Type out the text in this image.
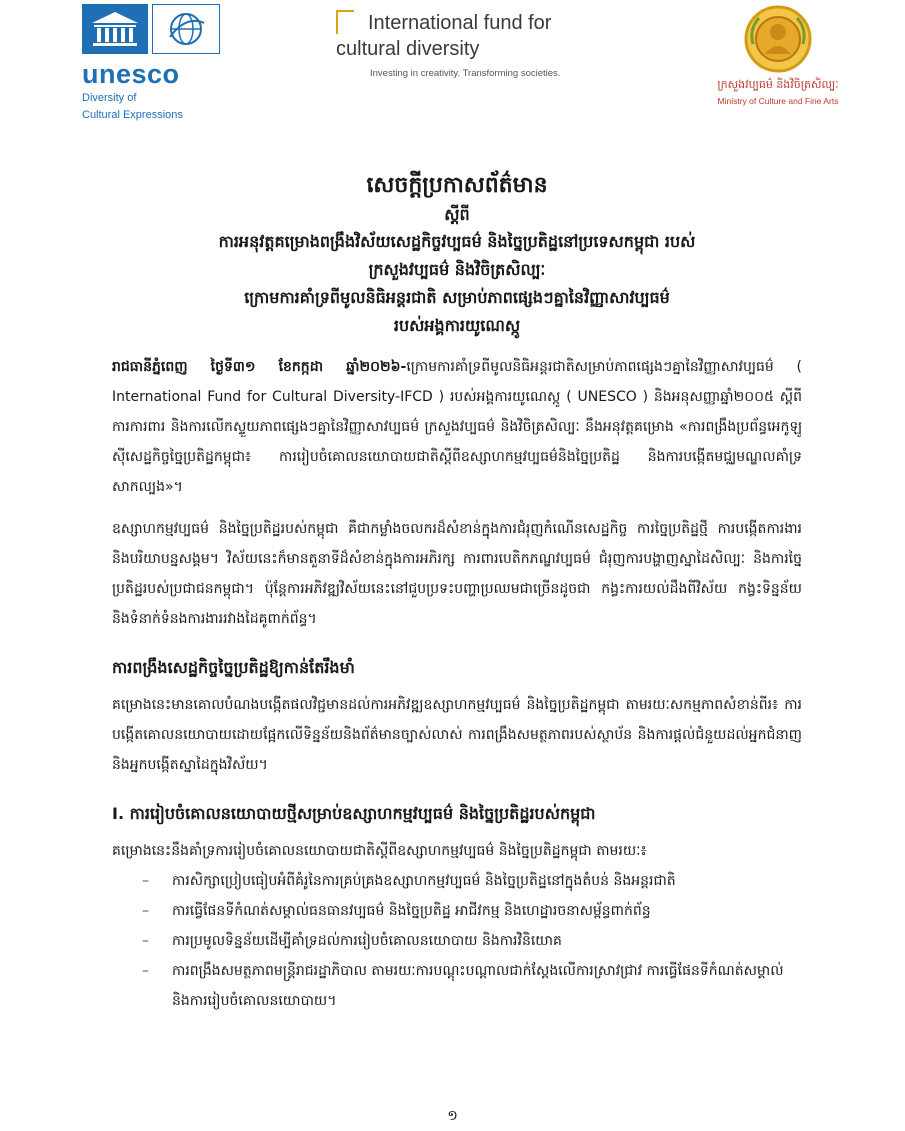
unesco
Diversity of
Cultural Expressions
International fund for
cultural diversity
Investing in creativity. Transforming societies.
ក្រសួងវប្បធម៌ និងវិចិត្រសិល្បៈ
Ministry of Culture and Fine Arts
សេចក្តីប្រកាសព័ត៌មាន
ស្តីពី
ការអនុវត្តគម្រោងពង្រឹងវិស័យសេដ្ឋកិច្ចវប្បធម៌ និងច្នៃប្រតិដ្ឋនៅប្រទេសកម្ពុជា របស់
ក្រសួងវប្បធម៌ និងវិចិត្រសិល្បៈ
ក្រោមការគាំទ្រពីមូលនិធិអន្តរជាតិ សម្រាប់ភាពផ្សេងៗគ្នានៃវិញ្ញាសាវប្បធម៌
របស់អង្គការយូណេស្កូ

រាជធានីភ្នំពេញ ថ្ងៃទី៣១ ខែកក្កដា ឆ្នាំ២០២៦-ក្រោមការគាំទ្រពីមូលនិធិអន្តរជាតិសម្រាប់ភាពផ្សេងៗគ្នានៃវិញ្ញាសាវប្បធម៌ ( International Fund for Cultural Diversity-IFCD ) របស់អង្គការយូណេស្កូ ( UNESCO ) និងអនុសញ្ញាឆ្នាំ២០០៥ ស្តីពីការការពារ និងការលើកស្ទួយភាពផ្សេងៗគ្នានៃវិញ្ញាសាវប្បធម៌ ក្រសួងវប្បធម៌ និងវិចិត្រសិល្បៈ នឹងអនុវត្តគម្រោង «ការពង្រឹងប្រព័ន្ធអេកូឡូស៊ីសេដ្ឋកិច្ចច្នៃប្រតិដ្ឋកម្ពុជា៖ ការរៀបចំគោលនយោបាយជាតិស្តីពីឧស្សាហកម្មវប្បធម៌និងច្នៃប្រតិដ្ឋ និងការបង្កើតមជ្ឈមណ្ឌលគាំទ្រសាកល្បង»។

ឧស្សាហកម្មវប្បធម៌ និងច្នៃប្រតិដ្ឋរបស់កម្ពុជា គឺជាកម្លាំងចលករដ៏សំខាន់ក្នុងការជំរុញកំណើនសេដ្ឋកិច្ច ការច្នៃប្រតិដ្ឋថ្មី ការបង្កើតការងារ និងបរិយាបន្នសង្គម។ វិស័យនេះក៏មានតួនាទីដ៏សំខាន់ក្នុងការអភិរក្ស ការពារបេតិកភណ្ឌវប្បធម៌ ជំរុញការបង្ហាញស្នាដៃសិល្បៈ និងការច្នៃប្រតិដ្ឋរបស់ប្រជាជនកម្ពុជា។ ប៉ុន្តែការអភិវឌ្ឍវិស័យនេះនៅជួបប្រទះបញ្ហាប្រឈមជាច្រើនដូចជា កង្វះការយល់ដឹងពីវិស័យ កង្វះទិន្នន័យ និងទំនាក់ទំនងការងាររវាងដៃគូពាក់ព័ន្ធ។

ការពង្រឹងសេដ្ឋកិច្ចច្នៃប្រតិដ្ឋឱ្យកាន់តែរឹងមាំ

គម្រោងនេះមានគោលបំណងបង្កើតផលវិជ្ជមានដល់ការអភិវឌ្ឍឧស្សាហកម្មវប្បធម៌ និងច្នៃប្រតិដ្ឋកម្ពុជា តាមរយៈសកម្មភាពសំខាន់ពីរ៖ ការបង្កើតគោលនយោបាយដោយផ្អែកលើទិន្នន័យនិងព័ត៌មានច្បាស់លាស់ ការពង្រឹងសមត្ថភាពរបស់ស្ថាប័ន និងការផ្តល់ជំនួយដល់អ្នកជំនាញ និងអ្នកបង្កើតស្នាដៃក្នុងវិស័យ។

I. ការរៀបចំគោលនយោបាយថ្មីសម្រាប់ឧស្សាហកម្មវប្បធម៌ និងច្នៃប្រតិដ្ឋរបស់កម្ពុជា

គម្រោងនេះនឹងគាំទ្រការរៀបចំគោលនយោបាយជាតិស្តីពីឧស្សាហកម្មវប្បធម៌ និងច្នៃប្រតិដ្ឋកម្ពុជា តាមរយៈ៖

– ការសិក្សាប្រៀបធៀបអំពីគំរូនៃការគ្រប់គ្រងឧស្សាហកម្មវប្បធម៌ និងច្នៃប្រតិដ្ឋនៅក្នុងតំបន់ និងអន្តរជាតិ
– ការធ្វើផែនទីកំណត់សម្គាល់ធនធានវប្បធម៌ និងច្នៃប្រតិដ្ឋ អាជីវកម្ម និងហេដ្ឋារចនាសម្ព័ន្ធពាក់ព័ន្ធ
– ការប្រមូលទិន្នន័យដើម្បីគាំទ្រដល់ការរៀបចំគោលនយោបាយ និងការវិនិយោគ
– ការពង្រឹងសមត្ថភាពមន្ត្រីរាជរដ្ឋាភិបាល តាមរយៈការបណ្តុះបណ្តាលជាក់ស្តែងលើការស្រាវជ្រាវ ការធ្វើផែនទីកំណត់សម្គាល់ និងការរៀបចំគោលនយោបាយ។
១
